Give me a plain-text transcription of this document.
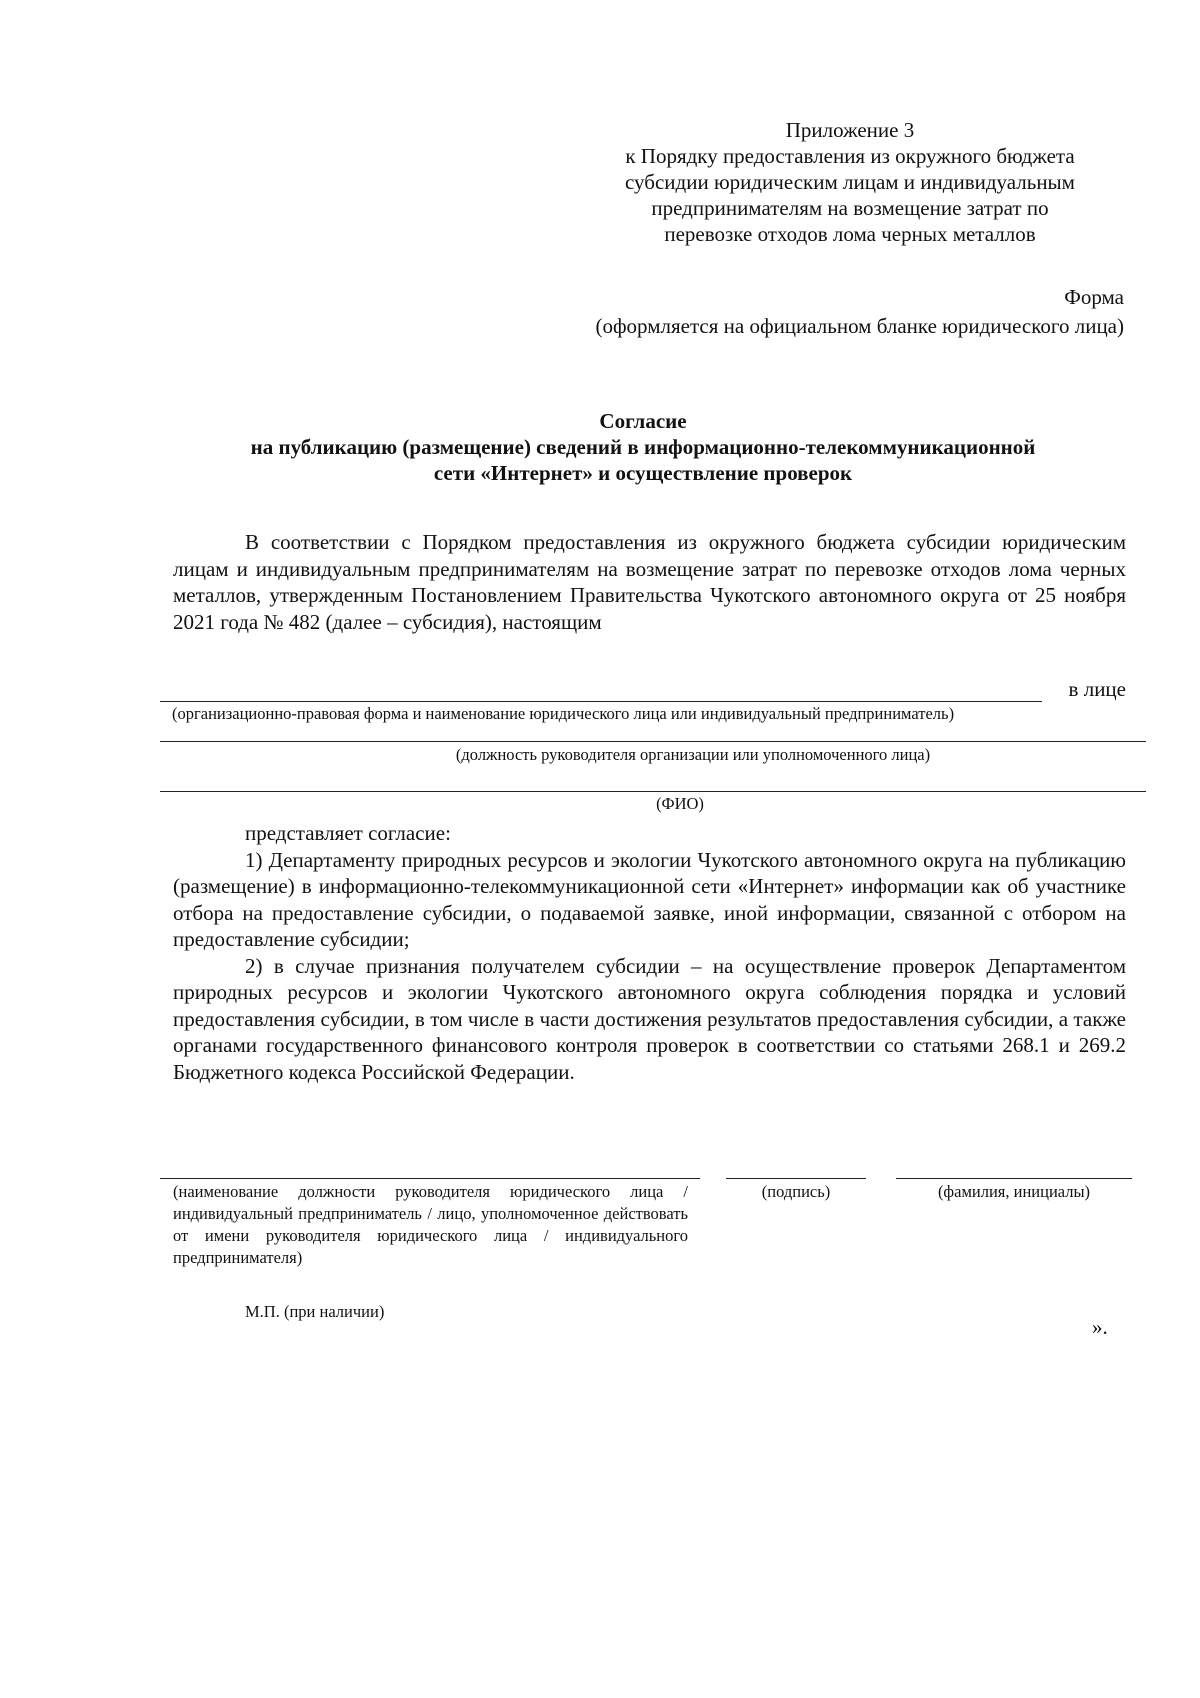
Приложение 3
к Порядку предоставления из окружного бюджета
субсидии юридическим лицам и индивидуальным
предпринимателям на возмещение затрат по
перевозке отходов лома черных металлов
Форма
(оформляется на официальном бланке юридического лица)
Согласие
на публикацию (размещение) сведений в информационно-телекоммуникационной
сети «Интернет» и осуществление проверок

В соответствии с Порядком предоставления из окружного бюджета субсидии юридическим лицам и индивидуальным предпринимателям на возмещение затрат по перевозке отходов лома черных металлов, утвержденным Постановлением Правительства Чукотского автономного округа от 25 ноября 2021 года № 482 (далее – субсидия), настоящим

в лице
(организационно-правовая форма и наименование юридического лица или индивидуальный предприниматель)
(должность руководителя организации или уполномоченного лица)
(ФИО)

представляет согласие:

1) Департаменту природных ресурсов и экологии Чукотского автономного округа на публикацию (размещение) в информационно-телекоммуникационной сети «Интернет» информации как об участнике отбора на предоставление субсидии, о подаваемой заявке, иной информации, связанной с отбором на предоставление субсидии;

2) в случае признания получателем субсидии – на осуществление проверок Департаментом природных ресурсов и экологии Чукотского автономного округа соблюдения порядка и условий предоставления субсидии, в том числе в части достижения результатов предоставления субсидии, а также органами государственного финансового контроля проверок в соответствии со статьями 268.1 и 269.2 Бюджетного кодекса Российской Федерации.

(наименование должности руководителя юридического лица / индивидуальный предприниматель / лицо, уполномоченное действовать от имени руководителя юридического лица / индивидуального предпринимателя)
(подпись)	(фамилия, инициалы)
М.П. (при наличии)
».
